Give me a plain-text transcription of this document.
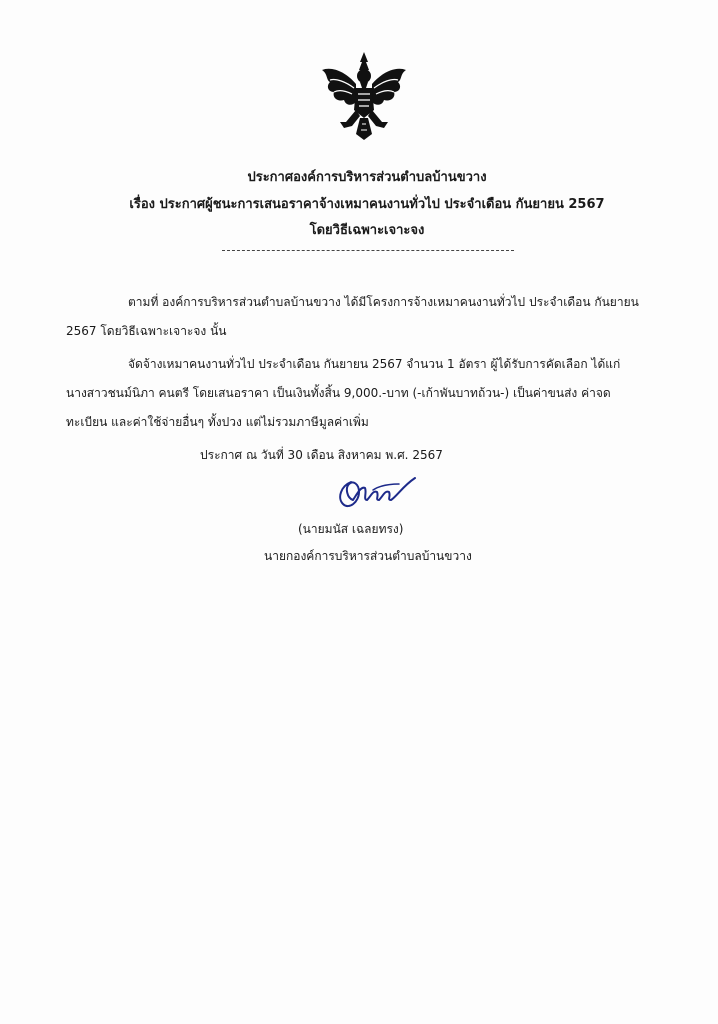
ประกาศองค์การบริหารส่วนตำบลบ้านขวาง
เรื่อง ประกาศผู้ชนะการเสนอราคาจ้างเหมาคนงานทั่วไป ประจำเดือน กันยายน 2567
โดยวิธีเฉพาะเจาะจง
ตามที่ องค์การบริหารส่วนตำบลบ้านขวาง ได้มีโครงการจ้างเหมาคนงานทั่วไป ประจำเดือน กันยายน
2567 โดยวิธีเฉพาะเจาะจง นั้น
จัดจ้างเหมาคนงานทั่วไป ประจำเดือน กันยายน 2567 จำนวน 1 อัตรา ผู้ได้รับการคัดเลือก ได้แก่
นางสาวชนม์นิภา คนตรี โดยเสนอราคา เป็นเงินทั้งสิ้น 9,000.-บาท (-เก้าพันบาทถ้วน-) เป็นค่าขนส่ง ค่าจด
ทะเบียน และค่าใช้จ่ายอื่นๆ ทั้งปวง แต่ไม่รวมภาษีมูลค่าเพิ่ม
ประกาศ ณ วันที่ 30 เดือน สิงหาคม พ.ศ. 2567
(นายมนัส เฉลยทรง)
นายกองค์การบริหารส่วนตำบลบ้านขวาง
